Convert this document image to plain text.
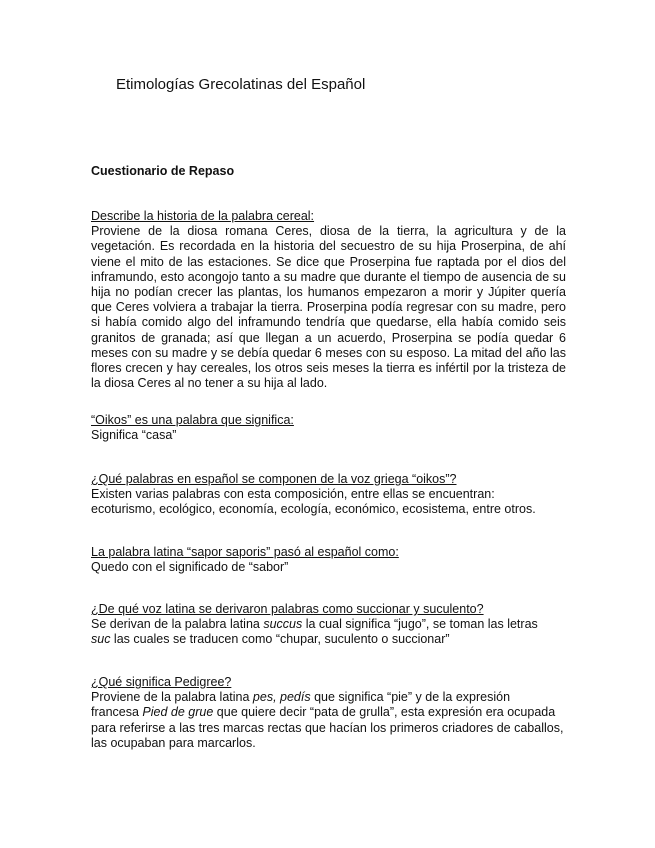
Etimologías Grecolatinas del Español
Cuestionario de Repaso
Describe la historia de la palabra cereal:
Proviene de la diosa romana Ceres, diosa de la tierra, la agricultura y de la vegetación. Es recordada en la historia del secuestro de su hija Proserpina, de ahí viene el mito de las estaciones. Se dice que Proserpina fue raptada por el dios del inframundo, esto acongojo tanto a su madre que durante el tiempo de ausencia de su hija no podían crecer las plantas, los humanos empezaron a morir y Júpiter quería que Ceres volviera a trabajar la tierra. Proserpina podía regresar con su madre, pero si había comido algo del inframundo tendría que quedarse, ella había comido seis granitos de granada; así que llegan a un acuerdo, Proserpina se podía quedar 6 meses con su madre y se debía quedar 6 meses con su esposo. La mitad del año las flores crecen y hay cereales, los otros seis meses la tierra es infértil por la tristeza de la diosa Ceres al no tener a su hija al lado.
“Oikos” es una palabra que significa:
Significa “casa”
¿Qué palabras en español se componen de la voz griega “oikos”?
Existen varias palabras con esta composición, entre ellas se encuentran:
ecoturismo, ecológico, economía, ecología, económico, ecosistema, entre otros.
La palabra latina “sapor saporis” pasó al español como:
Quedo con el significado de “sabor”
¿De qué voz latina se derivaron palabras como succionar y suculento?
Se derivan de la palabra latina succus la cual significa “jugo”, se toman las letras
suc las cuales se traducen como “chupar, suculento o succionar”
¿Qué significa Pedigree?
Proviene de la palabra latina pes, pedís que significa “pie” y de la expresión
francesa Pied de grue que quiere decir “pata de grulla”, esta expresión era ocupada para referirse a las tres marcas rectas que hacían los primeros criadores de caballos, las ocupaban para marcarlos.
